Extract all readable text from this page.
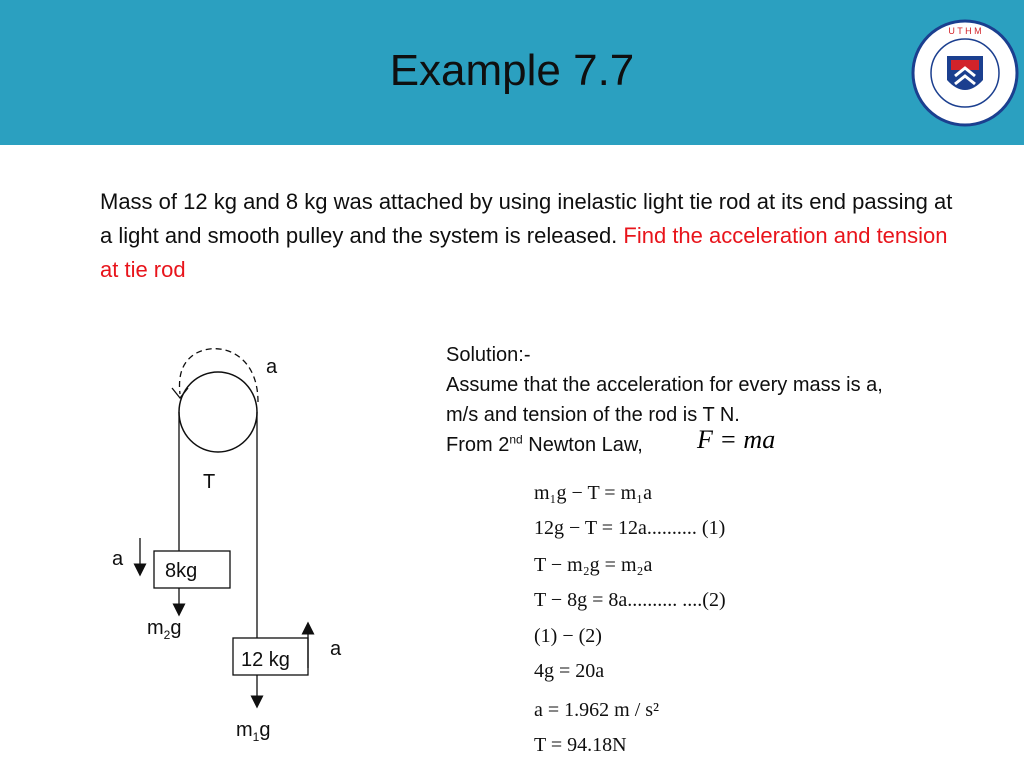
Example 7.7
U T H M
Mass of 12 kg and 8 kg was attached by using inelastic light tie rod at its end passing at a light and smooth pulley and the system is released. Find the acceleration and tension at tie rod
a
T
a
8kg
$m_2g$
a
12 kg
$m_1g$
Solution:-
Assume that the acceleration for every mass is a,
m/s and tension of the rod is T N.
From 2nd Newton Law,	F = ma
m₁g − T = m₁a
12g − T = 12a.......... (1)
T − m₂g = m₂a
T − 8g = 8a.......... ....(2)
(1) − (2)
4g = 20a
a = 1.962 m / s²
T = 94.18N
